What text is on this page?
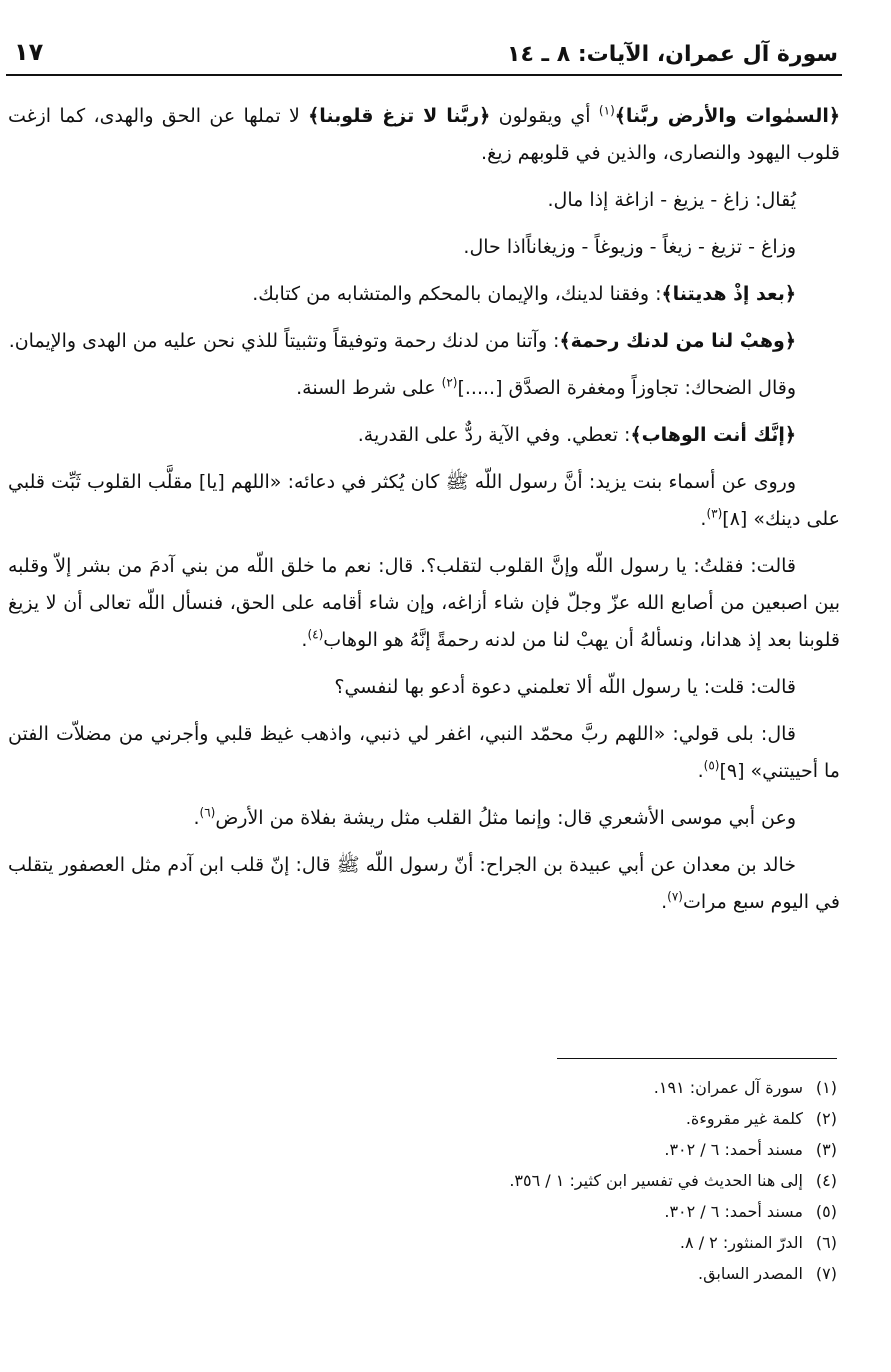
سورة آل عمران، الآيات: ٨ ـ ١٤
١٧

﴿السمٰوات والأرض ربَّنا﴾$^{(١)}$ أي ويقولون ﴿ربَّنا لا تزغ قلوبنا﴾ لا تملها عن الحق والهدى، كما ازغت قلوب اليهود والنصارى، والذين في قلوبهم زيغ.

يُقال: زاغ - يزيغ - ازاغة إذا مال.

وزاغ - تزيغ - زيغاً - وزيوغاً - وزيغاناًاذا حال.

﴿بعد إذْ هديتنا﴾: وفقنا لدينك، والإيمان بالمحكم والمتشابه من كتابك.

﴿وهبْ لنا من لدنك رحمة﴾: وآتنا من لدنك رحمة وتوفيقاً وتثبيتاً للذي نحن عليه من الهدى والإيمان.

وقال الضحاك: تجاوزاً ومغفرة الصدَّق [.....]$^{(٢)}$ على شرط السنة.

﴿إنَّك أنت الوهاب﴾: تعطي. وفي الآية ردٌّ على القدرية.

وروى عن أسماء بنت يزيد: أنَّ رسول اللّه ﷺ كان يُكثر في دعائه: «اللهم [يا] مقلَّب القلوب ثَبِّت قلبي على دينك» [٨]$^{(٣)}$.

قالت: فقلتُ: يا رسول اللّه وإنَّ القلوب لتقلب؟. قال: نعم ما خلق اللّه من بني آدمَ من بشر إلاّ وقلبه بين اصبعين من أصابع الله عزّ وجلّ فإن شاء أزاغه، وإن شاء أقامه على الحق، فنسأل اللّه تعالى أن لا يزيغ قلوبنا بعد إذ هدانا، ونسألهُ أن يهبْ لنا من لدنه رحمةً إنَّهُ هو الوهاب$^{(٤)}$.

قالت: قلت: يا رسول اللّه ألا تعلمني دعوة أدعو بها لنفسي؟

قال: بلى قولي: «اللهم ربَّ محمّد النبي، اغفر لي ذنبي، واذهب غيظ قلبي وأجرني من مضلاّت الفتن ما أحييتني» [٩]$^{(٥)}$.

وعن أبي موسى الأشعري قال: وإنما مثلُ القلب مثل ريشة بفلاة من الأرض$^{(٦)}$.

خالد بن معدان عن أبي عبيدة بن الجراح: أنّ رسول اللّه ﷺ قال: إنّ قلب ابن آدم مثل العصفور يتقلب في اليوم سبع مرات$^{(٧)}$.

(١)سورة آل عمران: ١٩١.
(٢)كلمة غير مقروءة.
(٣)مسند أحمد: ٦ / ٣٠٢.
(٤)إلى هنا الحديث في تفسير ابن كثير: ١ / ٣٥٦.
(٥)مسند أحمد: ٦ / ٣٠٢.
(٦)الدرّ المنثور: ٢ / ٨.
(٧)المصدر السابق.
